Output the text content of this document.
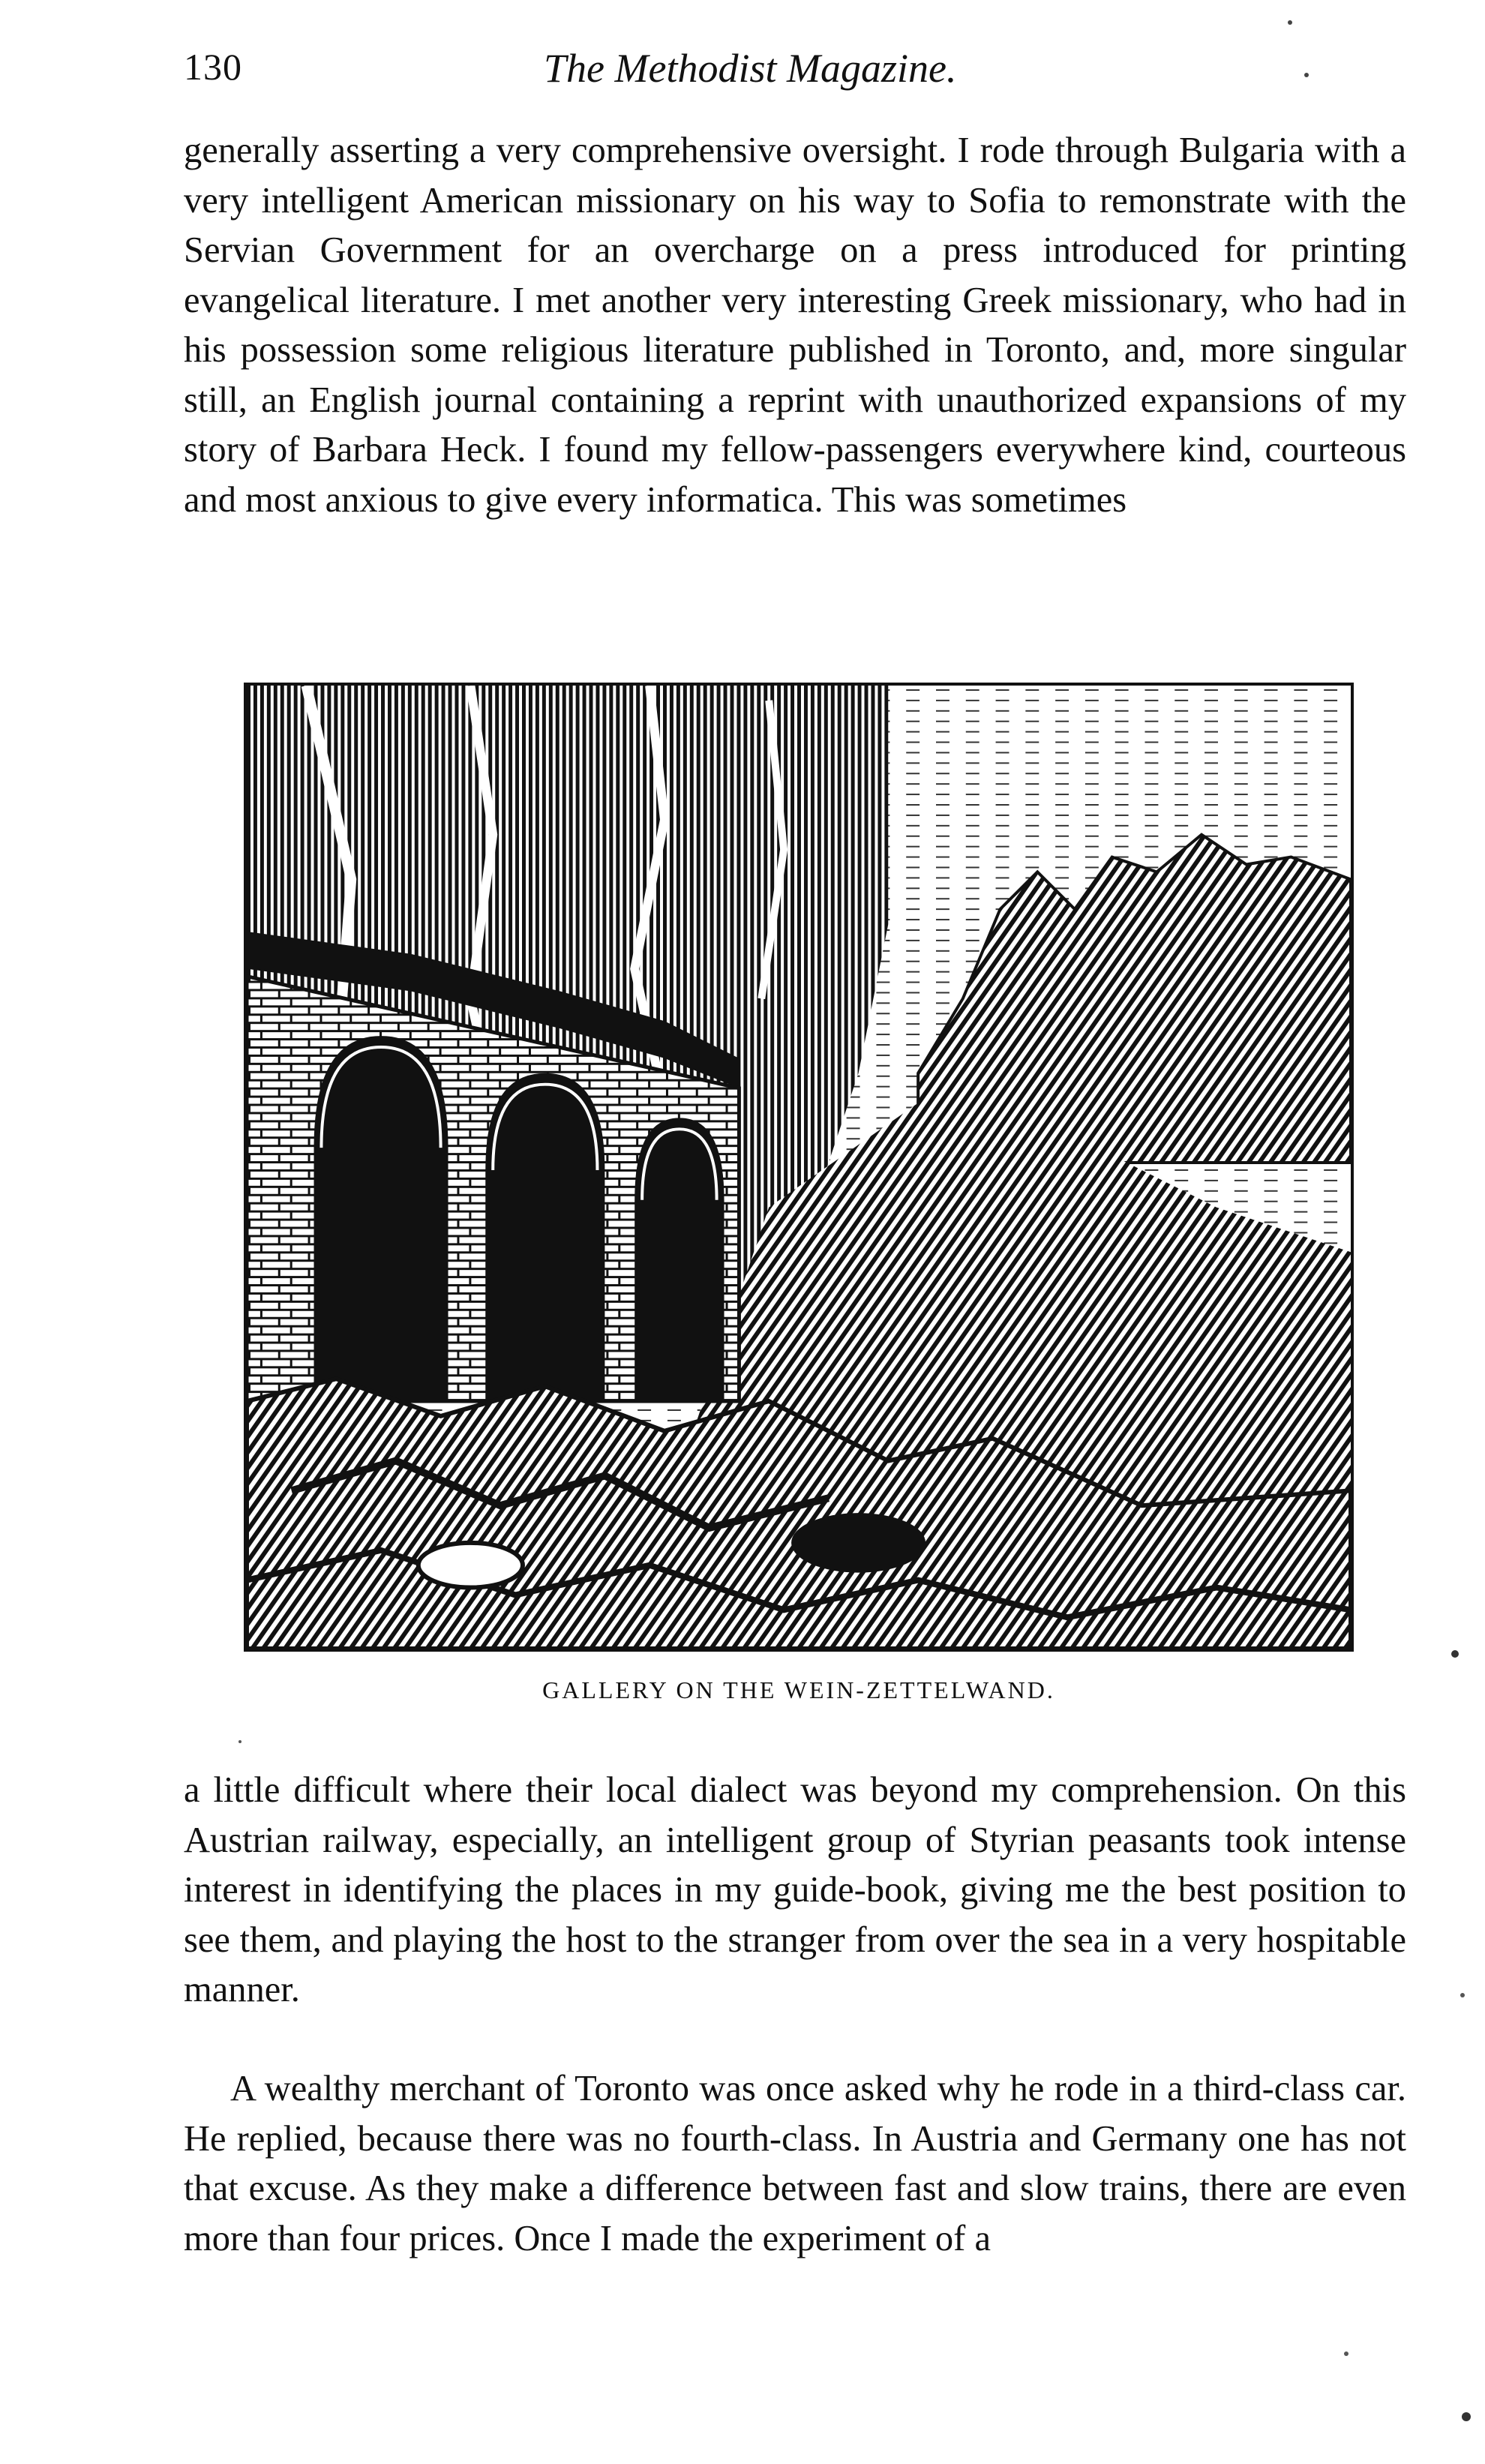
130	The Methodist Magazine.

generally asserting a very comprehensive oversight. I rode through Bulgaria with a very intelligent American missionary on his way to Sofia to remonstrate with the Servian Government for an overcharge on a press introduced for printing evangelical literature. I met another very interesting Greek missionary, who had in his possession some religious literature published in Toronto, and, more singular still, an English journal containing a reprint with unauthorized expansions of my story of Barbara Heck. I found my fellow-passengers everywhere kind, courteous and most anxious to give every informatica. This was sometimes

GALLERY ON THE WEIN-ZETTELWAND.

a little difficult where their local dialect was beyond my comprehension. On this Austrian railway, especially, an intelligent group of Styrian peasants took intense interest in identifying the places in my guide-book, giving me the best position to see them, and playing the host to the stranger from over the sea in a very hospitable manner.

A wealthy merchant of Toronto was once asked why he rode in a third-class car. He replied, because there was no fourth-class. In Austria and Germany one has not that excuse. As they make a difference between fast and slow trains, there are even more than four prices. Once I made the experiment of a
